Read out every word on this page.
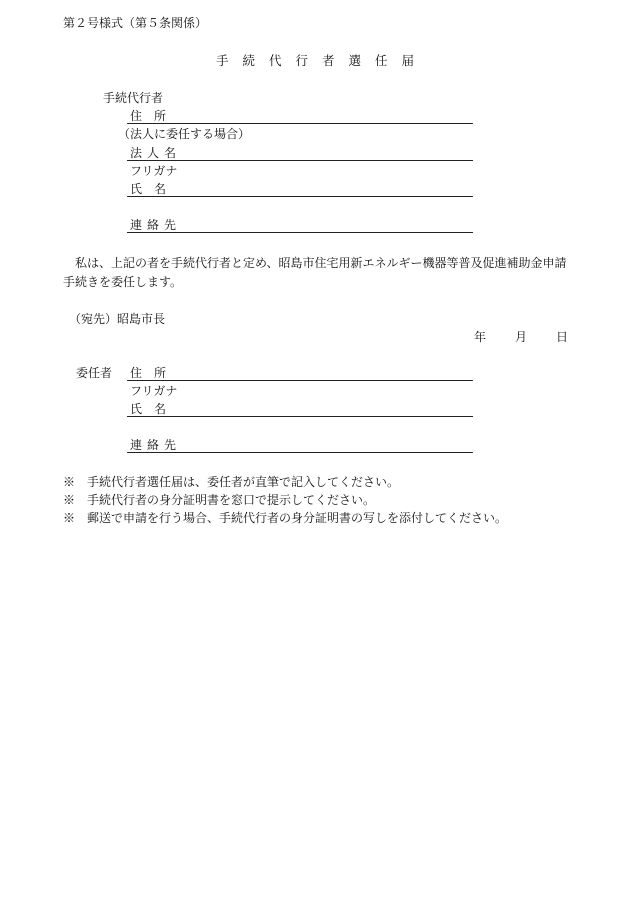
第２号様式（第５条関係）
手続代行者選任届
手続代行者
住　所
（法人に委任する場合）
法人名
フリガナ
氏　名
連絡先
私は、上記の者を手続代行者と定め、昭島市住宅用新エネルギー機器等普及促進補助金申請手続きを委任します。
（宛先）昭島市長
年 月 日
委任者 住　所
フリガナ
氏　名
連絡先
※　手続代行者選任届は、委任者が直筆で記入してください。
※　手続代行者の身分証明書を窓口で提示してください。
※　郵送で申請を行う場合、手続代行者の身分証明書の写しを添付してください。
